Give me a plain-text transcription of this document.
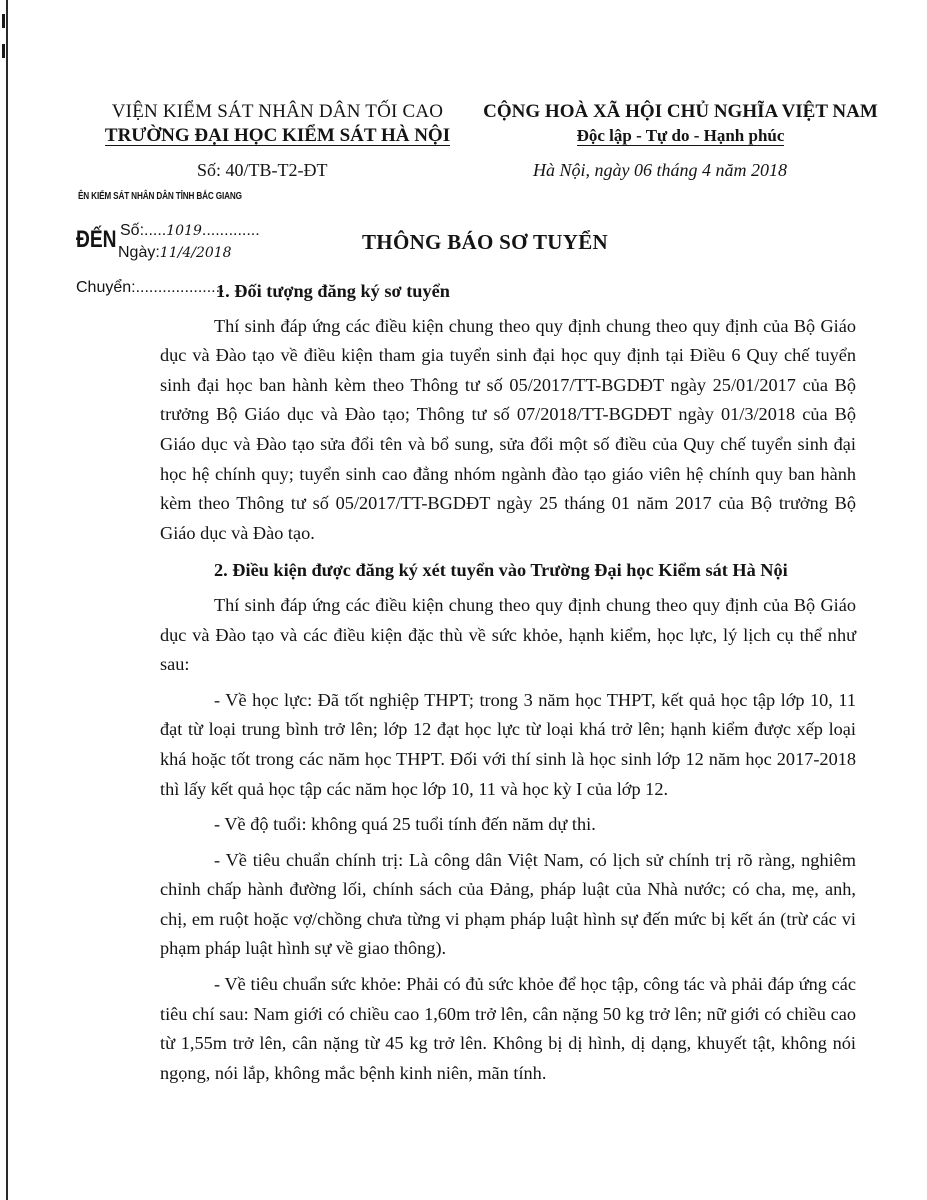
VIỆN KIỂM SÁT NHÂN DÂN TỐI CAO
TRƯỜNG ĐẠI HỌC KIỂM SÁT HÀ NỘI
CỘNG HOÀ XÃ HỘI CHỦ NGHĨA VIỆT NAM
Độc lập - Tự do - Hạnh phúc
Số: 40/TB-T2-ĐT	Hà Nội, ngày 06 tháng 4 năm 2018
ÊN KIỂM SÁT NHÂN DÂN TỈNH BẮC GIANG
ĐẾN Số:.....1019.............
Ngày:11/4/2018
Chuyển:....................
THÔNG BÁO SƠ TUYỂN

1. Đối tượng đăng ký sơ tuyển

Thí sinh đáp ứng các điều kiện chung theo quy định chung theo quy định của Bộ Giáo dục và Đào tạo về điều kiện tham gia tuyển sinh đại học quy định tại Điều 6 Quy chế tuyển sinh đại học ban hành kèm theo Thông tư số 05/2017/TT-BGDĐT ngày 25/01/2017 của Bộ trưởng Bộ Giáo dục và Đào tạo; Thông tư số 07/2018/TT-BGDĐT ngày 01/3/2018 của Bộ Giáo dục và Đào tạo sửa đổi tên và bổ sung, sửa đổi một số điều của Quy chế tuyển sinh đại học hệ chính quy; tuyển sinh cao đẳng nhóm ngành đào tạo giáo viên hệ chính quy ban hành kèm theo Thông tư số 05/2017/TT-BGDĐT ngày 25 tháng 01 năm 2017 của Bộ trưởng Bộ Giáo dục và Đào tạo.

2. Điều kiện được đăng ký xét tuyển vào Trường Đại học Kiểm sát Hà Nội

Thí sinh đáp ứng các điều kiện chung theo quy định chung theo quy định của Bộ Giáo dục và Đào tạo và các điều kiện đặc thù về sức khỏe, hạnh kiểm, học lực, lý lịch cụ thể như sau:

- Về học lực: Đã tốt nghiệp THPT; trong 3 năm học THPT, kết quả học tập lớp 10, 11 đạt từ loại trung bình trở lên; lớp 12 đạt học lực từ loại khá trở lên; hạnh kiểm được xếp loại khá hoặc tốt trong các năm học THPT. Đối với thí sinh là học sinh lớp 12 năm học 2017-2018 thì lấy kết quả học tập các năm học lớp 10, 11 và học kỳ I của lớp 12.

- Về độ tuổi: không quá 25 tuổi tính đến năm dự thi.

- Về tiêu chuẩn chính trị: Là công dân Việt Nam, có lịch sử chính trị rõ ràng, nghiêm chỉnh chấp hành đường lối, chính sách của Đảng, pháp luật của Nhà nước; có cha, mẹ, anh, chị, em ruột hoặc vợ/chồng chưa từng vi phạm pháp luật hình sự đến mức bị kết án (trừ các vi phạm pháp luật hình sự về giao thông).

- Về tiêu chuẩn sức khỏe: Phải có đủ sức khỏe để học tập, công tác và phải đáp ứng các tiêu chí sau: Nam giới có chiều cao 1,60m trở lên, cân nặng 50 kg trở lên; nữ giới có chiều cao từ 1,55m trở lên, cân nặng từ 45 kg trở lên. Không bị dị hình, dị dạng, khuyết tật, không nói ngọng, nói lắp, không mắc bệnh kinh niên, mãn tính.
